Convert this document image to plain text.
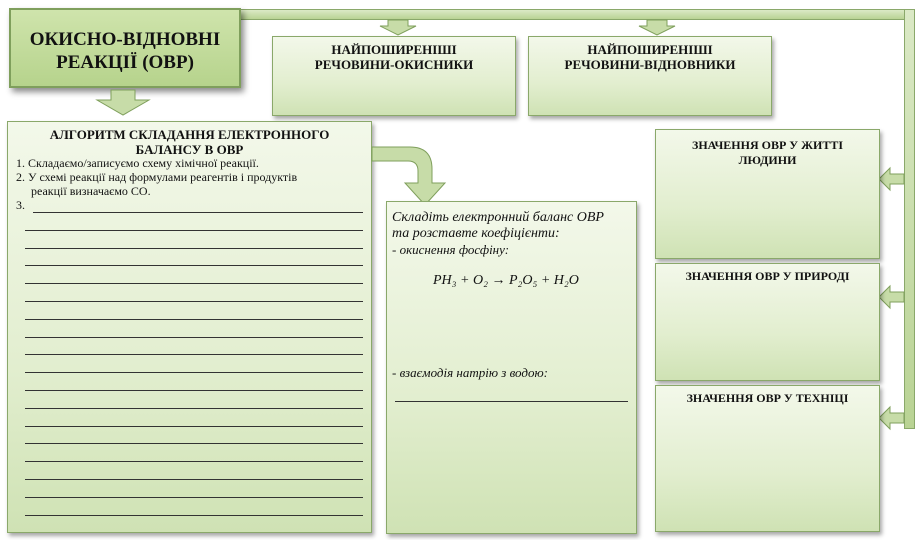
ОКИСНО-ВІДНОВНІ
РЕАКЦІЇ (ОВР)
НАЙПОШИРЕНІШІ
РЕЧОВИНИ-ОКИСНИКИ
НАЙПОШИРЕНІШІ
РЕЧОВИНИ-ВІДНОВНИКИ
АЛГОРИТМ СКЛАДАННЯ ЕЛЕКТРОННОГО
БАЛАНСУ В ОВР
1. Складаємо/записуємо схему хімічної реакції.
2. У схемі реакції над формулами реагентів і продуктів
реакції визначаємо СО.
3.
Складіть електронний баланс ОВР
та розставте коефіцієнти:
- окиснення фосфіну:
PH₃ + O₂ → P₂O₅ + H₂O
- взаємодія натрію з водою:
ЗНАЧЕННЯ ОВР У ЖИТТІ
ЛЮДИНИ
ЗНАЧЕННЯ ОВР У ПРИРОДІ
ЗНАЧЕННЯ ОВР У ТЕХНІЦІ
